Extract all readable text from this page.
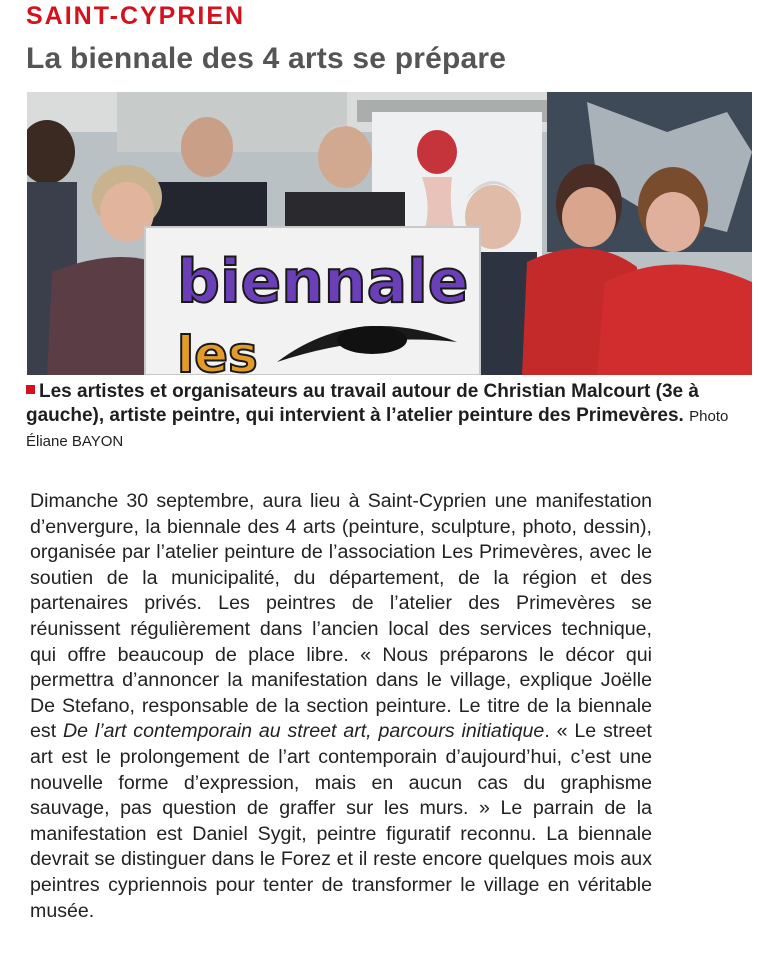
SAINT-CYPRIEN
La biennale des 4 arts se prépare
biennale
les
Les artistes et organisateurs au travail autour de Christian Malcourt (3e à gauche), artiste peintre, qui intervient à l’atelier peinture des Primevères. Photo Éliane BAYON
Dimanche 30 septembre, aura lieu à Saint-Cyprien une manifestation d’envergure, la biennale des 4 arts (peinture, sculpture, photo, dessin), organisée par l’atelier peinture de l’association Les Primevères, avec le soutien de la municipalité, du département, de la région et des partenaires privés. Les peintres de l’atelier des Primevères se réunissent régulièrement dans l’ancien local des services technique, qui offre beaucoup de place libre. « Nous préparons le décor qui permettra d’annoncer la manifestation dans le village, explique Joëlle De Stefano, responsable de la section peinture. Le titre de la biennale est De l’art contemporain au street art, parcours initiatique. « Le street art est le prolongement de l’art contemporain d’aujourd’hui, c’est une nouvelle forme d’expression, mais en aucun cas du graphisme sauvage, pas question de graffer sur les murs. » Le parrain de la manifestation est Daniel Sygit, peintre figuratif reconnu. La biennale devrait se distinguer dans le Forez et il reste encore quelques mois aux peintres cypriennois pour tenter de transformer le village en véritable musée.
